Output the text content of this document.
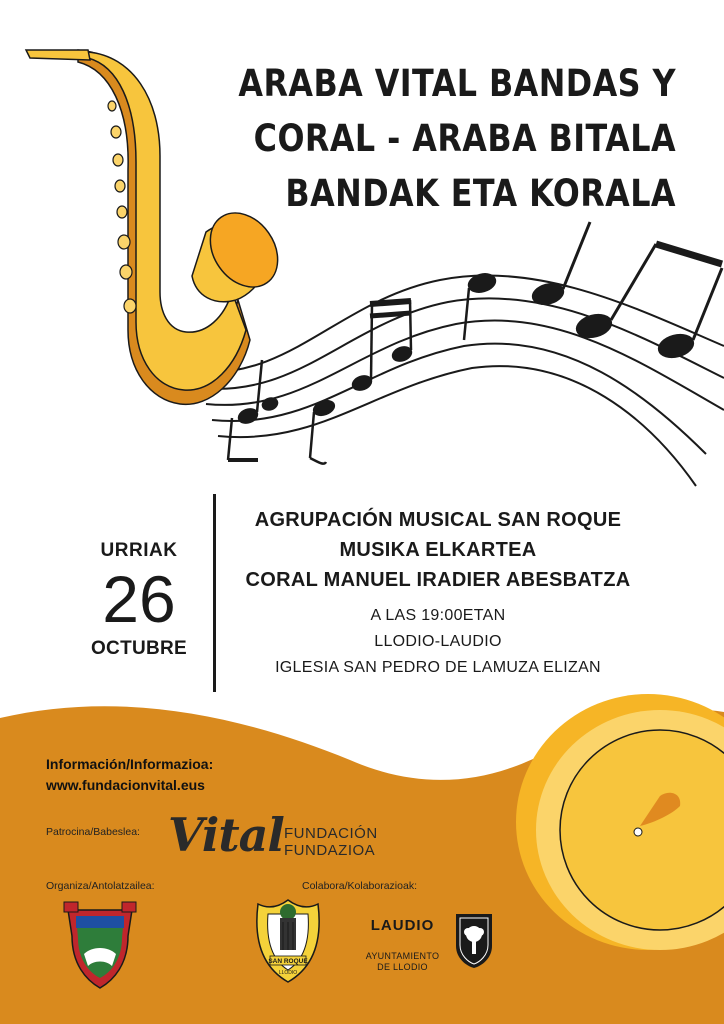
ARABA VITAL BANDAS Y
CORAL - ARABA BITALA
BANDAK ETA KORALA
URRIAK
26
OCTUBRE
AGRUPACIÓN MUSICAL SAN ROQUE
MUSIKA ELKARTEA
CORAL MANUEL IRADIER ABESBATZA
A LAS 19:00ETAN
LLODIO-LAUDIO
IGLESIA SAN PEDRO DE LAMUZA ELIZAN
Información/Informazioa:
www.fundacionvital.eus
Patrocina/Babeslea: Vital FUNDACIÓN
FUNDAZIOA
Organiza/Antolatzailea:	Colabora/Kolaborazioak:
SAN ROQUE
LLODIO
LAUDIO
UDALA
AYUNTAMIENTO
DE LLODIO
